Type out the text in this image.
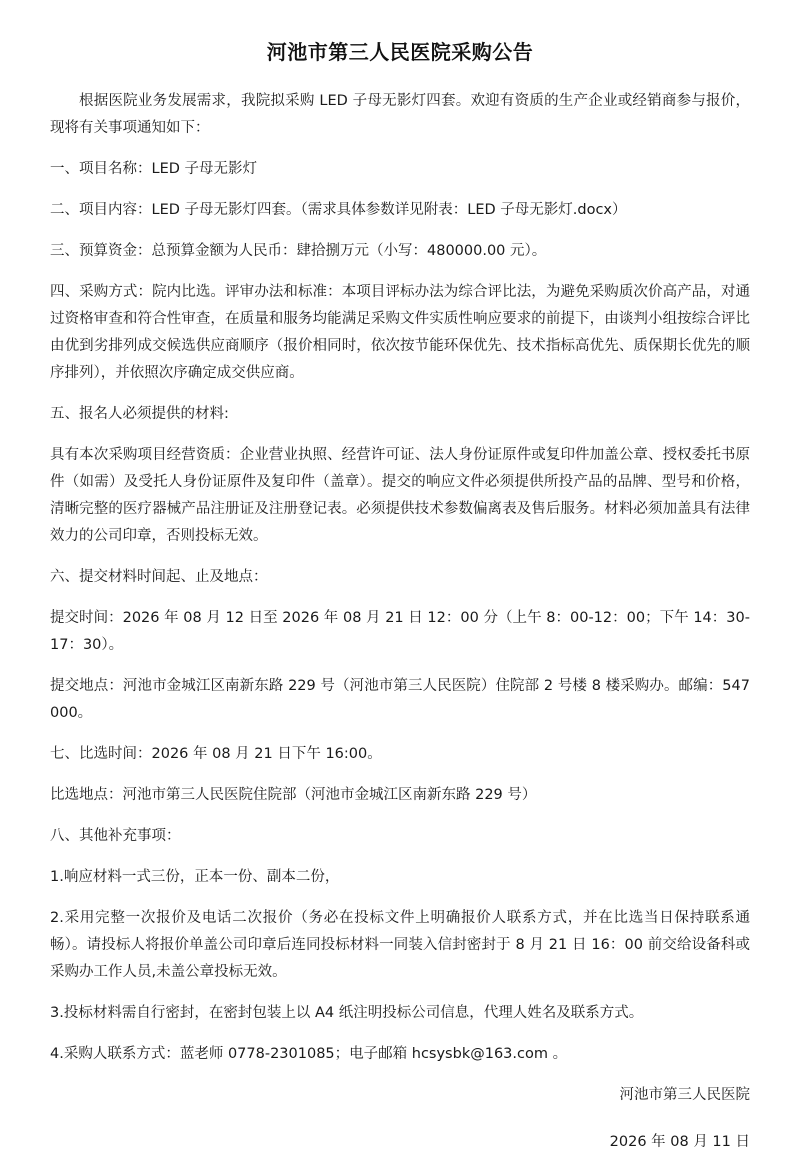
河池市第三人民医院采购公告

根据医院业务发展需求，我院拟采购 LED 子母无影灯四套。欢迎有资质的生产企业或经销商参与报价，现将有关事项通知如下：

一、项目名称：LED 子母无影灯

二、项目内容：LED 子母无影灯四套。（需求具体参数详见附表：LED 子母无影灯.docx）

三、预算资金：总预算金额为人民币：肆拾捌万元（小写：480000.00 元）。

四、采购方式：院内比选。评审办法和标准：本项目评标办法为综合评比法，为避免采购质次价高产品，对通过资格审查和符合性审查，在质量和服务均能满足采购文件实质性响应要求的前提下，由谈判小组按综合评比由优到劣排列成交候选供应商顺序（报价相同时，依次按节能环保优先、技术指标高优先、质保期长优先的顺序排列），并依照次序确定成交供应商。

五、报名人必须提供的材料:

具有本次采购项目经营资质：企业营业执照、经营许可证、法人身份证原件或复印件加盖公章、授权委托书原件（如需）及受托人身份证原件及复印件（盖章）。提交的响应文件必须提供所投产品的品牌、型号和价格，清晰完整的医疗器械产品注册证及注册登记表。必须提供技术参数偏离表及售后服务。材料必须加盖具有法律效力的公司印章，否则投标无效。

六、提交材料时间起、止及地点：

提交时间：2026 年 08 月 12 日至 2026 年 08 月 21 日 12：00 分（上午 8：00-12：00；下午 14：30-17：30）。

提交地点：河池市金城江区南新东路 229 号（河池市第三人民医院）住院部 2 号楼 8 楼采购办。邮编：547000。

七、比选时间：2026 年 08 月 21 日下午 16:00。

比选地点：河池市第三人民医院住院部（河池市金城江区南新东路 229 号）

八、其他补充事项：

1.响应材料一式三份，正本一份、副本二份，

2.采用完整一次报价及电话二次报价（务必在投标文件上明确报价人联系方式，并在比选当日保持联系通畅）。请投标人将报价单盖公司印章后连同投标材料一同装入信封密封于 8 月 21 日 16：00 前交给设备科或采购办工作人员,未盖公章投标无效。

3.投标材料需自行密封，在密封包装上以 A4 纸注明投标公司信息，代理人姓名及联系方式。

4.采购人联系方式：蓝老师 0778-2301085；电子邮箱 hcsysbk@163.com 。

河池市第三人民医院

2026 年 08 月 11 日
